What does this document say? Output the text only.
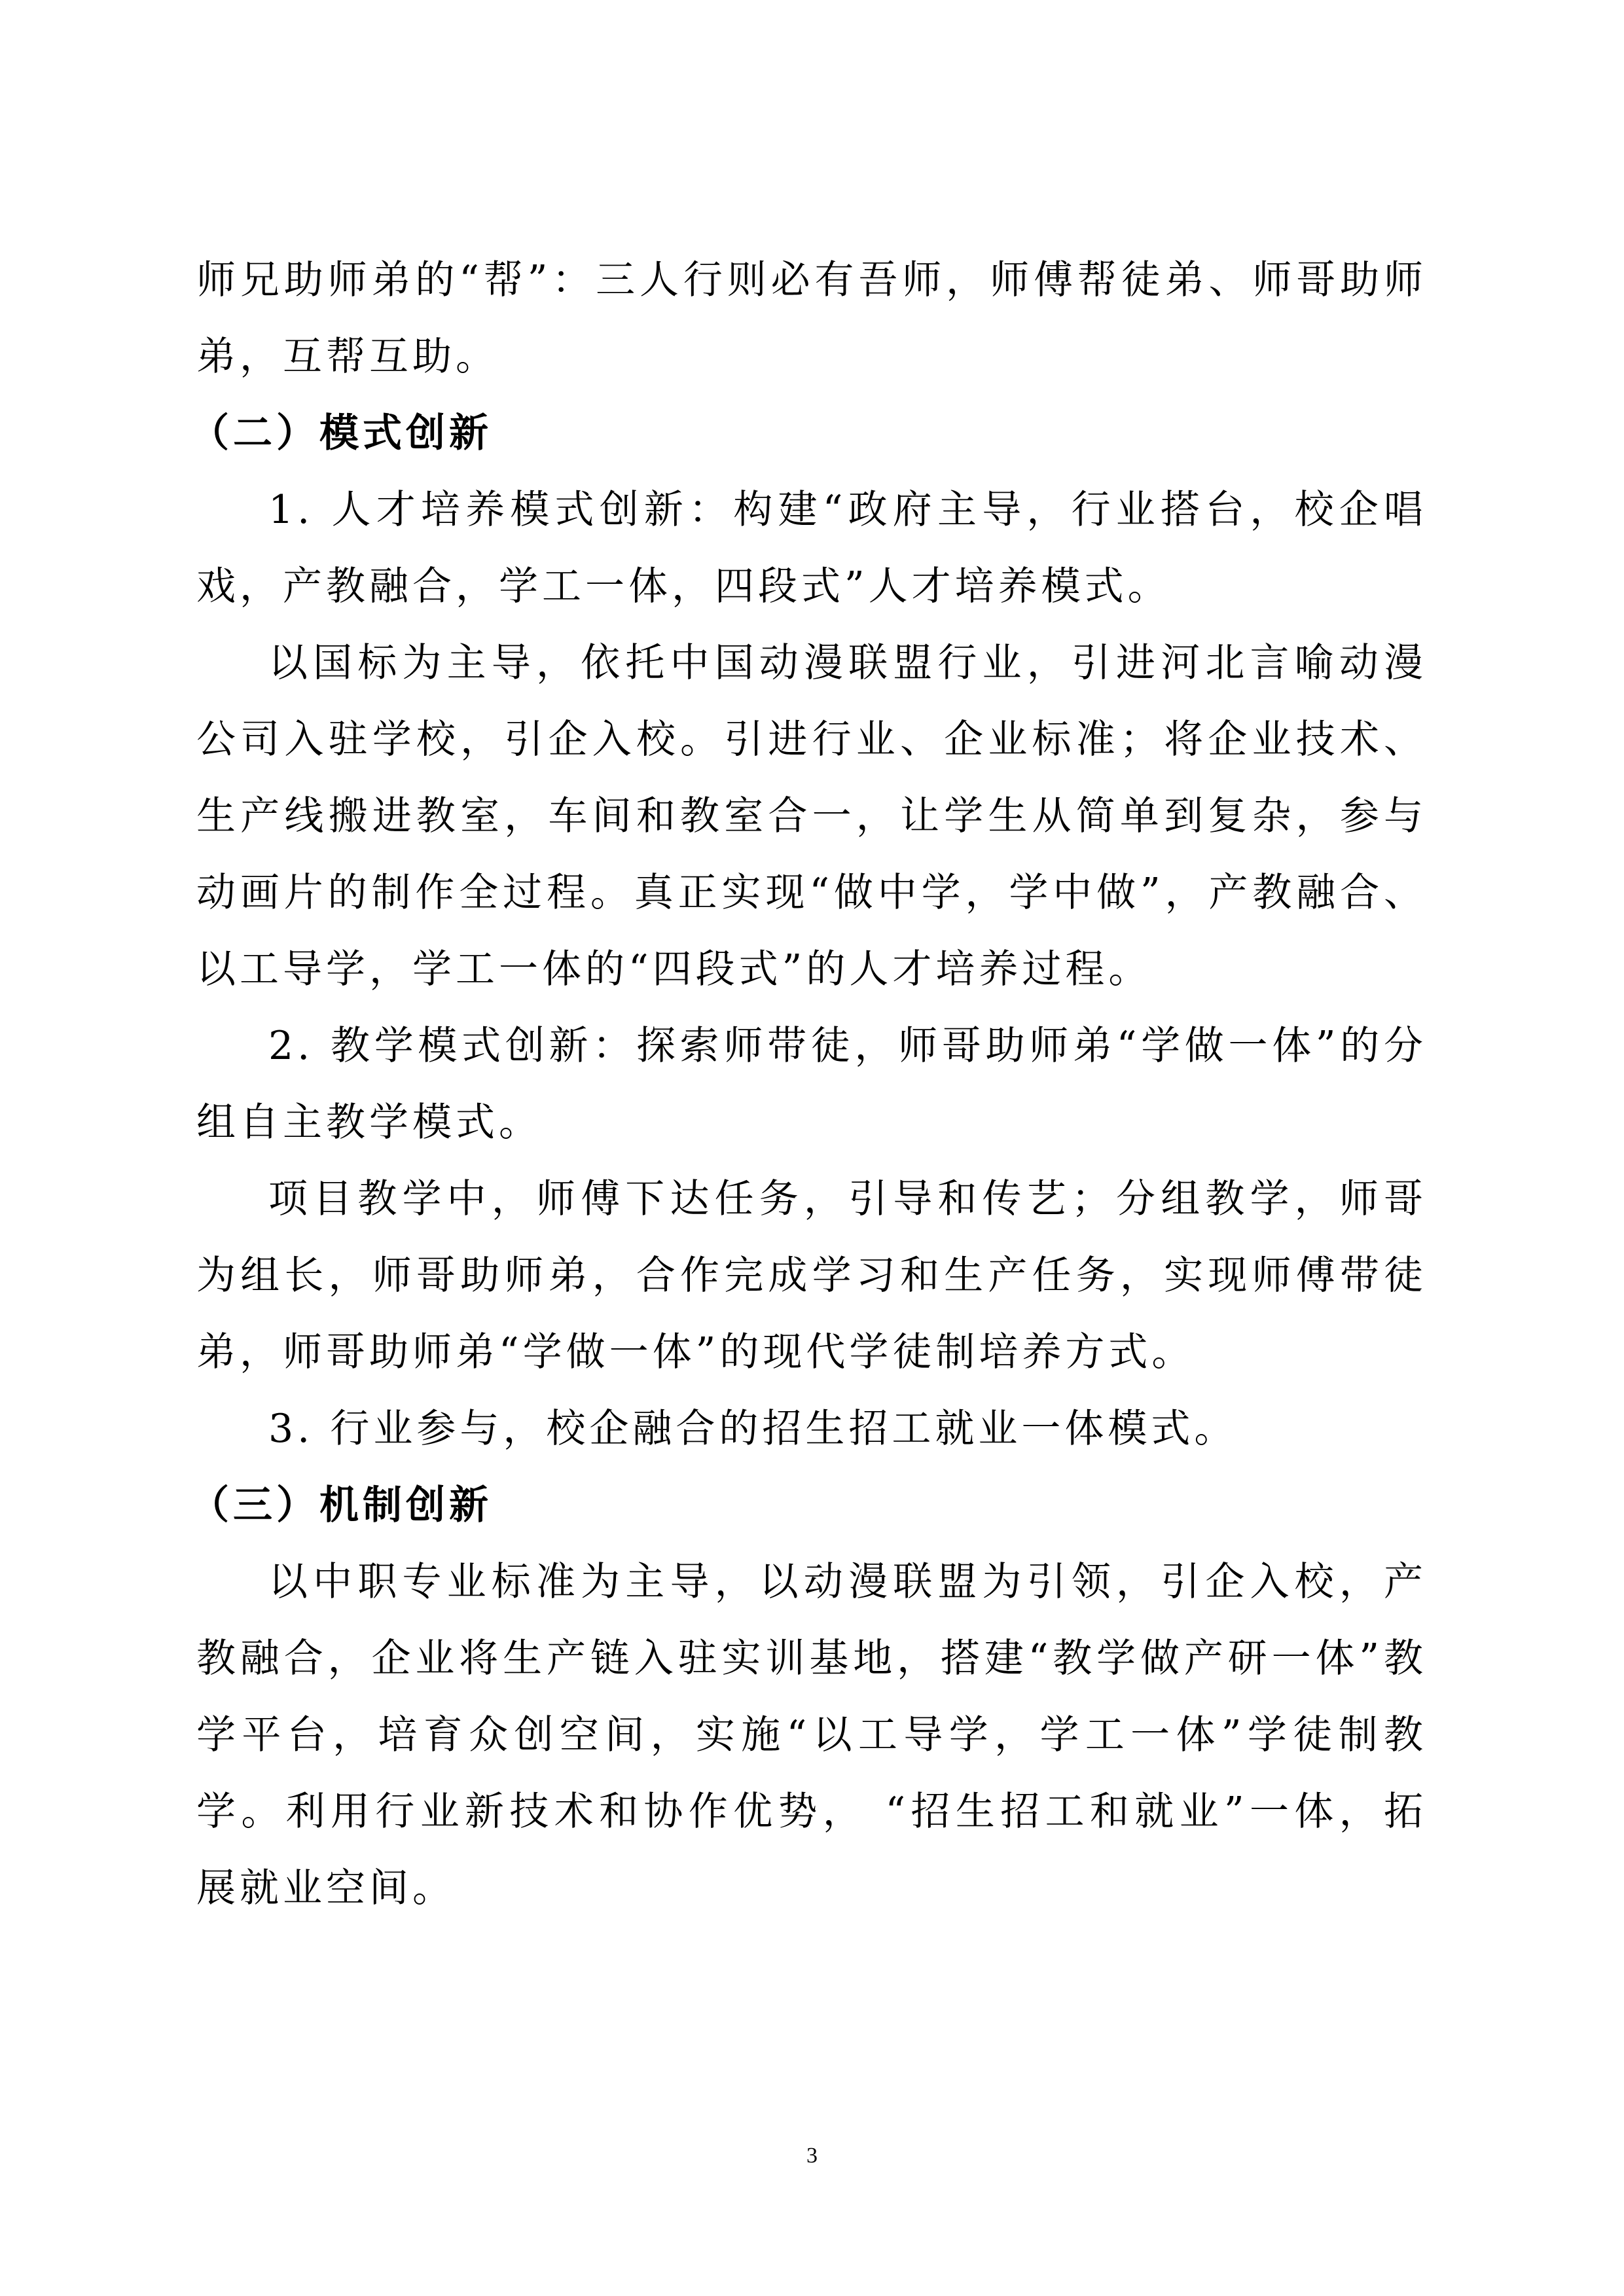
师兄助师弟的“帮”：三人行则必有吾师，师傅帮徒弟、师哥助师弟，互帮互助。

（二）模式创新

1. 人才培养模式创新：构建“政府主导，行业搭台，校企唱戏，产教融合，学工一体，四段式”人才培养模式。

以国标为主导，依托中国动漫联盟行业，引进河北言喻动漫公司入驻学校，引企入校。引进行业、企业标准；将企业技术、生产线搬进教室，车间和教室合一，让学生从简单到复杂，参与动画片的制作全过程。真正实现“做中学，学中做”，产教融合、以工导学，学工一体的“四段式”的人才培养过程。

2. 教学模式创新：探索师带徒，师哥助师弟“学做一体”的分组自主教学模式。

项目教学中，师傅下达任务，引导和传艺；分组教学，师哥为组长，师哥助师弟，合作完成学习和生产任务，实现师傅带徒弟，师哥助师弟“学做一体”的现代学徒制培养方式。

3. 行业参与，校企融合的招生招工就业一体模式。

（三）机制创新

以中职专业标准为主导，以动漫联盟为引领，引企入校，产教融合，企业将生产链入驻实训基地，搭建“教学做产研一体”教学平台，培育众创空间，实施“以工导学，学工一体”学徒制教学。利用行业新技术和协作优势， “招生招工和就业”一体，拓展就业空间。

3
